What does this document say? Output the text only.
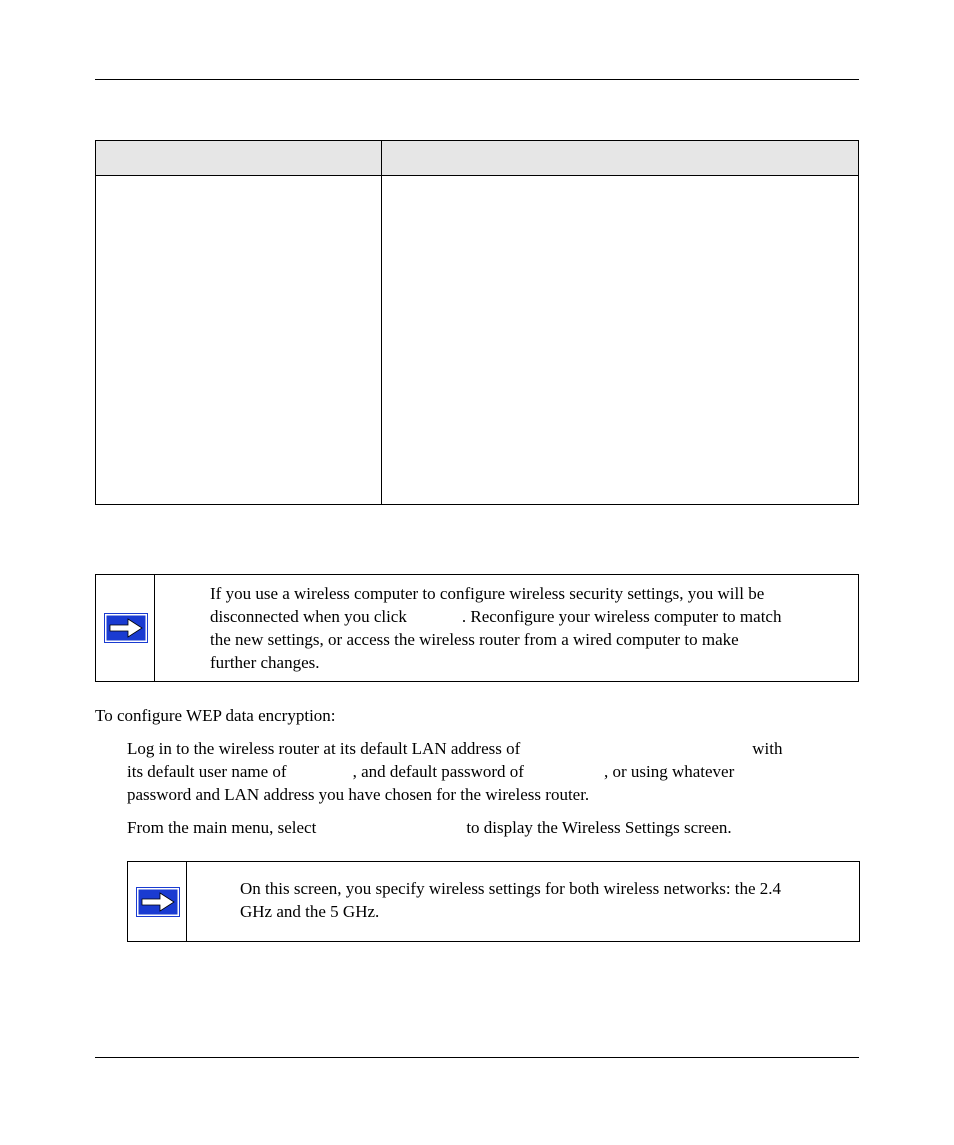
If you use a wireless computer to configure wireless security settings, you will be
disconnected when you click	. Reconfigure your wireless computer to match
the new settings, or access the wireless router from a wired computer to make
further changes.
To configure WEP data encryption:
Log in to the wireless router at its default LAN address of	with
its default user name of	, and default password of	, or using whatever
password and LAN address you have chosen for the wireless router.
From the main menu, select	to display the Wireless Settings screen.
On this screen, you specify wireless settings for both wireless networks: the 2.4
GHz and the 5 GHz.
